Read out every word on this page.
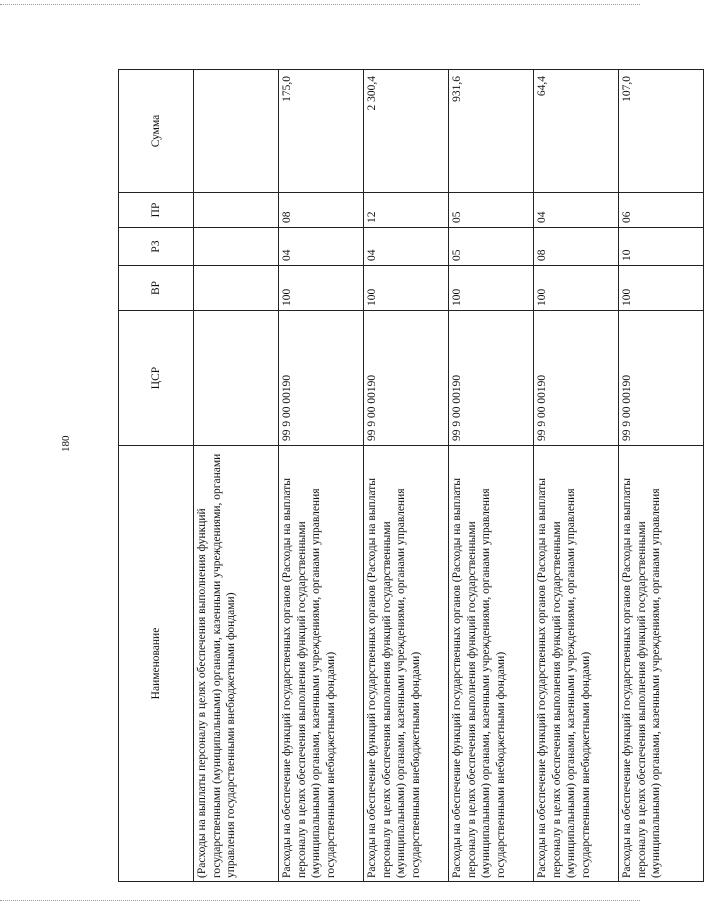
180
Наименование	ЦСР	ВР	РЗ	ПР	Сумма
(Расходы на выплаты персоналу в целях обеспечения выполнения функций государственными (муниципальными) органами, казенными учреждениями, органами управления государственными внебюджетными фондами)					
Расходы на обеспечение функций государственных органов (Расходы на выплаты персоналу в целях обеспечения выполнения функций государственными (муниципальными) органами, казенными учреждениями, органами управления государственными внебюджетными фондами)	99 9 00 00190	100	04	08	175,0
Расходы на обеспечение функций государственных органов (Расходы на выплаты персоналу в целях обеспечения выполнения функций государственными (муниципальными) органами, казенными учреждениями, органами управления государственными внебюджетными фондами)	99 9 00 00190	100	04	12	2 300,4
Расходы на обеспечение функций государственных органов (Расходы на выплаты персоналу в целях обеспечения выполнения функций государственными (муниципальными) органами, казенными учреждениями, органами управления государственными внебюджетными фондами)	99 9 00 00190	100	05	05	931,6
Расходы на обеспечение функций государственных органов (Расходы на выплаты персоналу в целях обеспечения выполнения функций государственными (муниципальными) органами, казенными учреждениями, органами управления государственными внебюджетными фондами)	99 9 00 00190	100	08	04	64,4
Расходы на обеспечение функций государственных органов (Расходы на выплаты персоналу в целях обеспечения выполнения функций государственными (муниципальными) органами, казенными учреждениями, органами управления	99 9 00 00190	100	10	06	107,0
